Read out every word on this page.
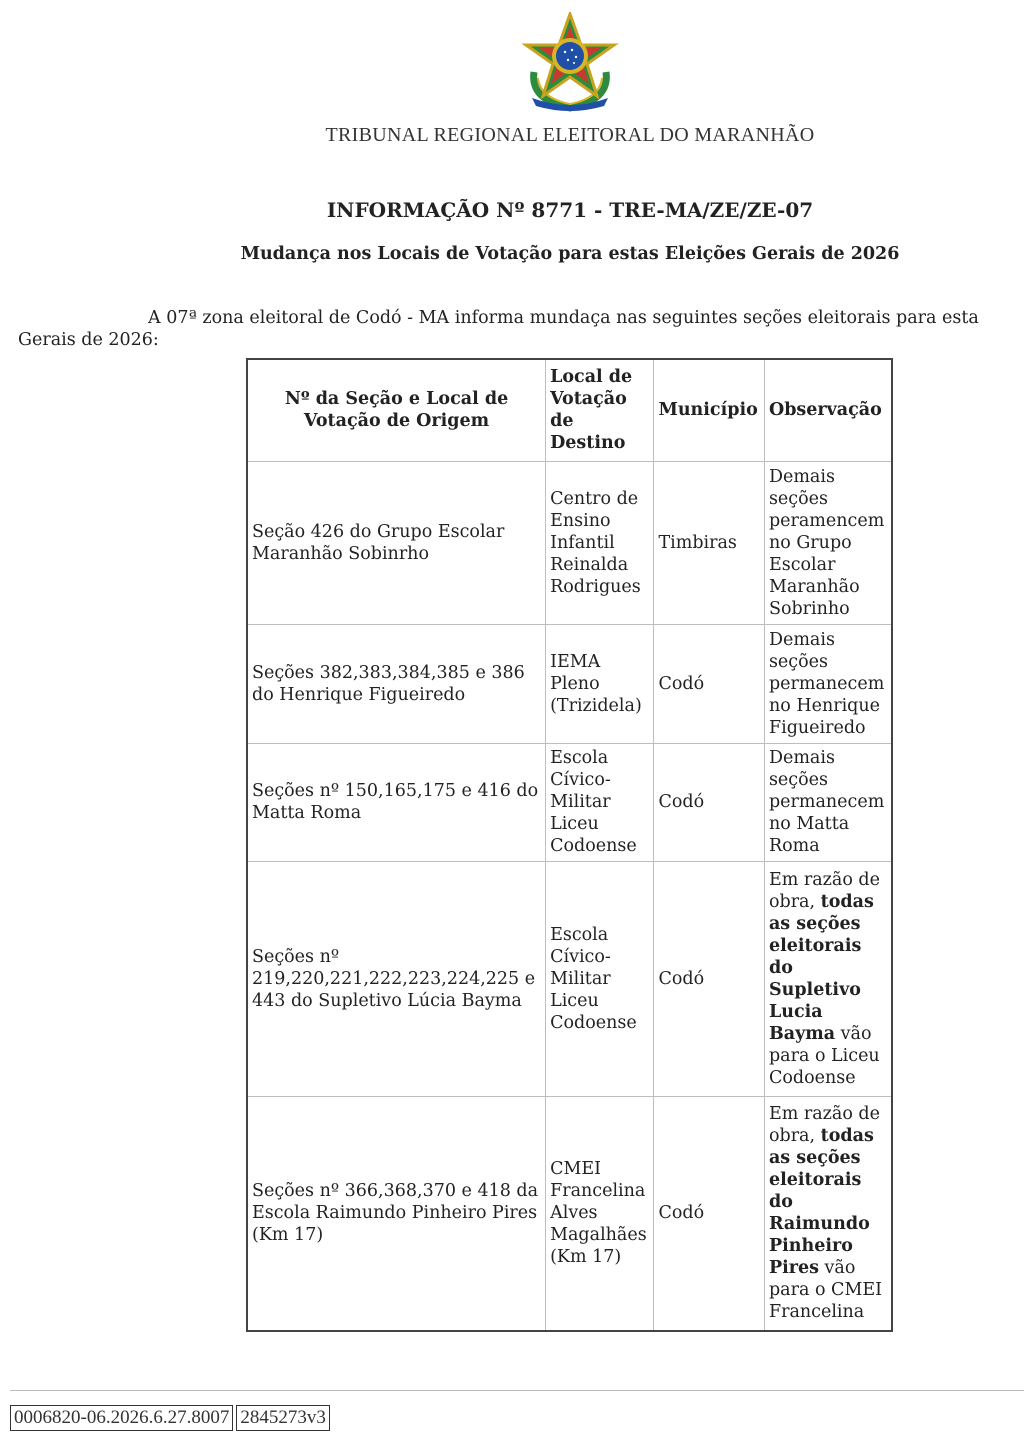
TRIBUNAL REGIONAL ELEITORAL DO MARANHÃO
INFORMAÇÃO Nº 8771 - TRE-MA/ZE/ZE-07
Mudança nos Locais de Votação para estas Eleições Gerais de 2026
A 07ª zona eleitoral de Codó - MA informa mundaça nas seguintes seções eleitorais para esta
Gerais de 2026:
Nº da Seção e Local de Votação de Origem	Local de Votação de Destino	Município	Observação
Seção 426 do Grupo Escolar Maranhão Sobinrho	Centro de Ensino Infantil Reinalda Rodrigues	Timbiras	Demais seções peramencem no Grupo Escolar Maranhão Sobrinho
Seções 382,383,384,385 e 386 do Henrique Figueiredo	IEMA Pleno (Trizidela)	Codó	Demais seções permanecem no Henrique Figueiredo
Seções nº 150,165,175 e 416 do Matta Roma	Escola Cívico-Militar Liceu Codoense	Codó	Demais seções permanecem no Matta Roma
Seções nº 219,220,221,222,223,224,225 e 443 do Supletivo Lúcia Bayma	Escola Cívico-Militar Liceu Codoense	Codó	Em razão de obra, todas as seções eleitorais do Supletivo Lucia Bayma vão para o Liceu Codoense
Seções nº 366,368,370 e 418 da Escola Raimundo Pinheiro Pires (Km 17)	CMEI Francelina Alves Magalhães (Km 17)	Codó	Em razão de obra, todas as seções eleitorais do Raimundo Pinheiro Pires vão para o CMEI Francelina
0006820-06.2026.6.27.8007 2845273v3
